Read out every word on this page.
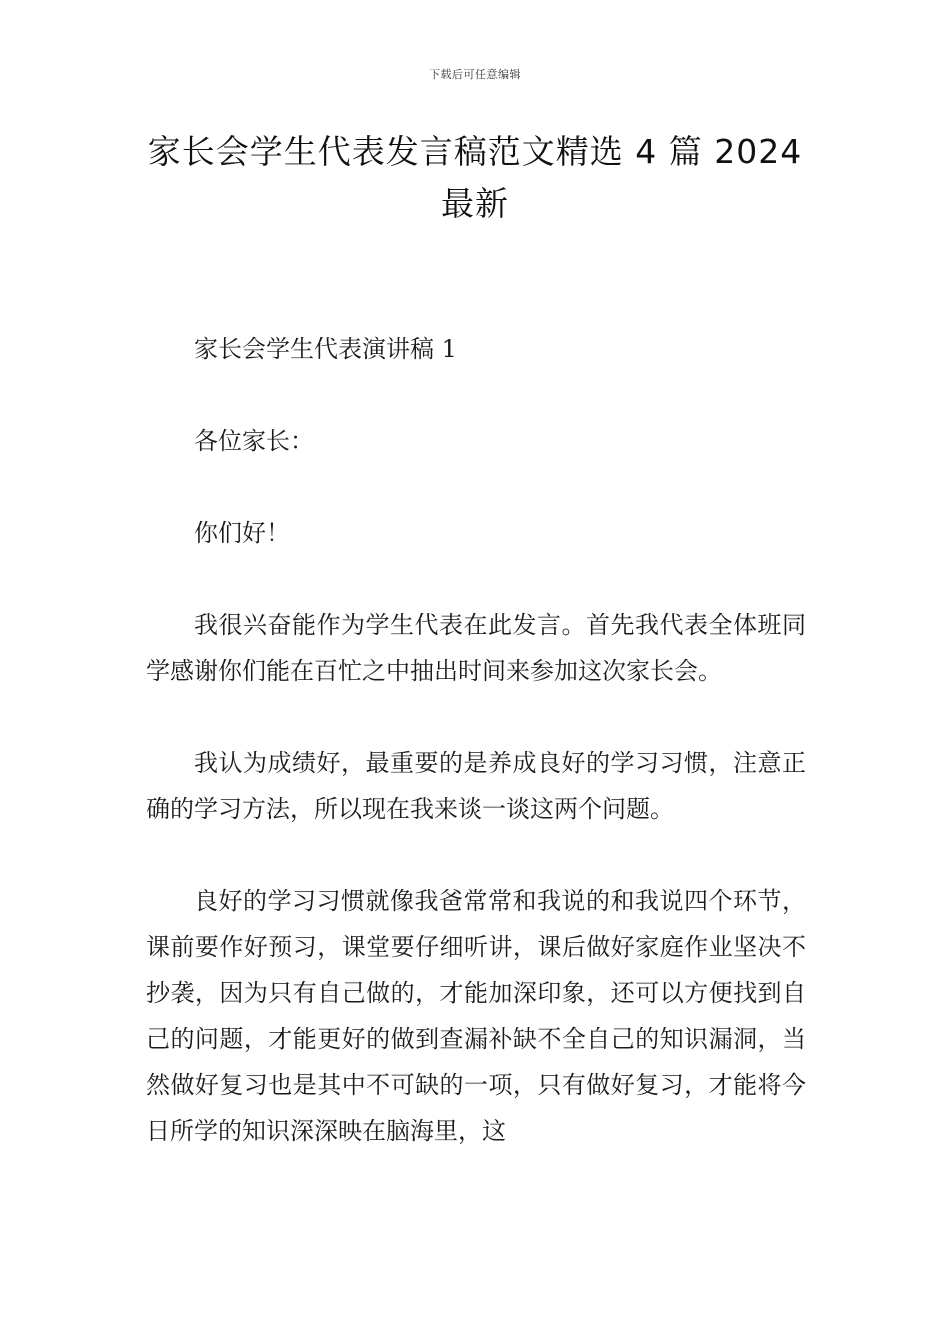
下载后可任意编辑
家长会学生代表发言稿范文精选 4 篇 2024
最新

家长会学生代表演讲稿 1

各位家长：

你们好！

我很兴奋能作为学生代表在此发言。首先我代表全体班同学感谢你们能在百忙之中抽出时间来参加这次家长会。

我认为成绩好，最重要的是养成良好的学习习惯，注意正确的学习方法，所以现在我来谈一谈这两个问题。

良好的学习习惯就像我爸常常和我说的和我说四个环节，课前要作好预习，课堂要仔细听讲，课后做好家庭作业坚决不抄袭，因为只有自己做的，才能加深印象，还可以方便找到自己的问题，才能更好的做到查漏补缺不全自己的知识漏洞，当然做好复习也是其中不可缺的一项，只有做好复习，才能将今日所学的知识深深映在脑海里，这
